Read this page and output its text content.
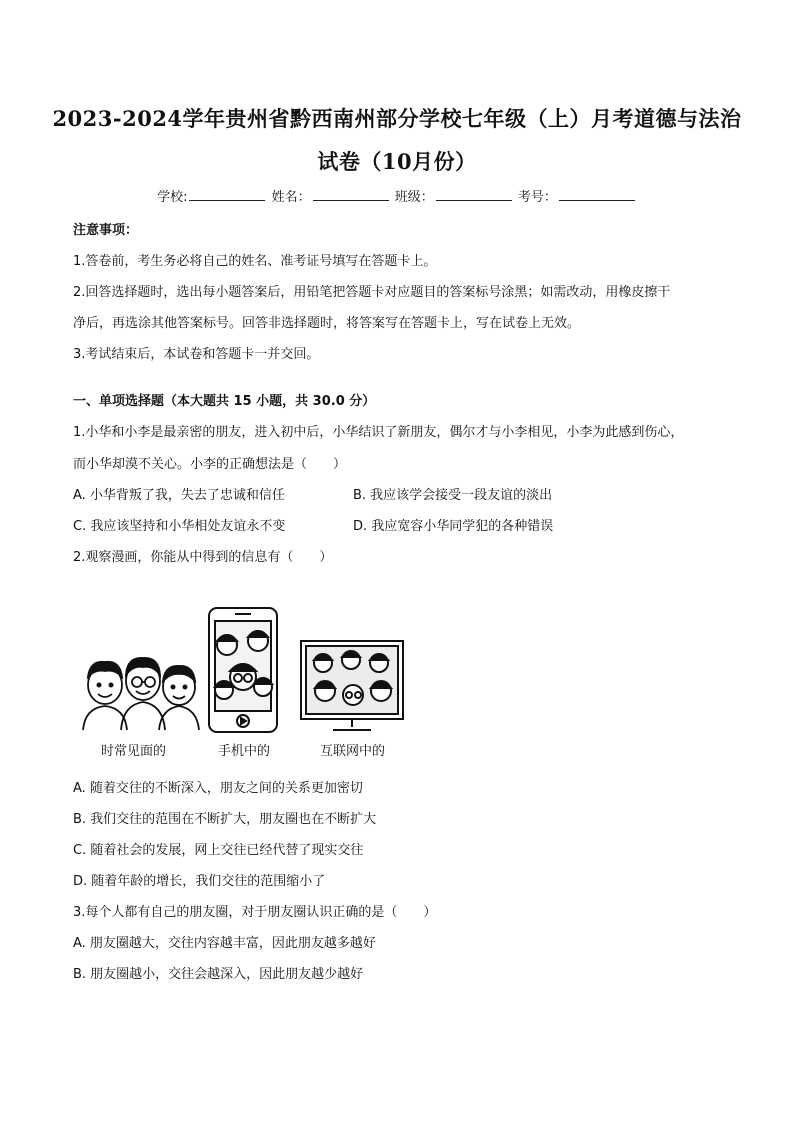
2023-2024学年贵州省黔西南州部分学校七年级（上）月考道德与法治
试卷（10月份）
学校:	姓名：	班级：	考号：
注意事项：
1.答卷前，考生务必将自己的姓名、准考证号填写在答题卡上。
2.回答选择题时，选出每小题答案后，用铅笔把答题卡对应题目的答案标号涂黑；如需改动，用橡皮擦干
净后，再选涂其他答案标号。回答非选择题时，将答案写在答题卡上，写在试卷上无效。
3.考试结束后，本试卷和答题卡一并交回。
一、单项选择题（本大题共 15 小题，共 30.0 分）
1.小华和小李是最亲密的朋友，进入初中后，小华结识了新朋友，偶尔才与小李相见，小李为此感到伤心，
而小华却漠不关心。小李的正确想法是（　　）
A. 小华背叛了我，失去了忠诚和信任	B. 我应该学会接受一段友谊的淡出
C. 我应该坚持和小华相处友谊永不变	D. 我应宽容小华同学犯的各种错误
2.观察漫画，你能从中得到的信息有（　　）
时常见面的	手机中的	互联网中的
A. 随着交往的不断深入，朋友之间的关系更加密切
B. 我们交往的范围在不断扩大，朋友圈也在不断扩大
C. 随着社会的发展，网上交往已经代替了现实交往
D. 随着年龄的增长，我们交往的范围缩小了
3.每个人都有自己的朋友圈，对于朋友圈认识正确的是（　　）
A. 朋友圈越大，交往内容越丰富，因此朋友越多越好
B. 朋友圈越小，交往会越深入，因此朋友越少越好
